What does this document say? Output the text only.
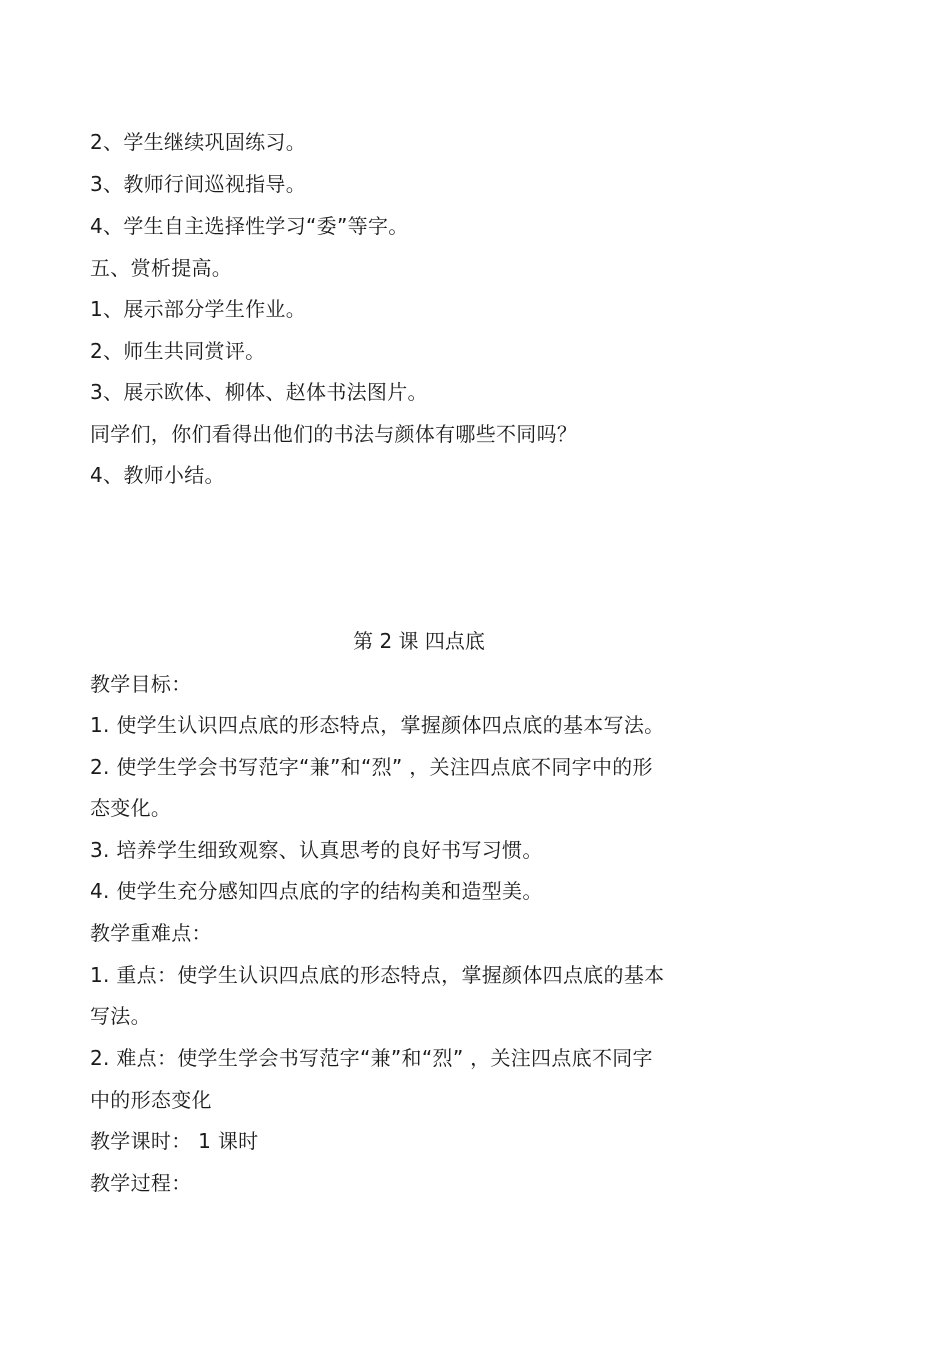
2、学生继续巩固练习。
3、教师行间巡视指导。
4、学生自主选择性学习“委”等字。
五、赏析提高。
1、展示部分学生作业。
2、师生共同赏评。
3、展示欧体、柳体、赵体书法图片。
同学们，你们看得出他们的书法与颜体有哪些不同吗？
4、教师小结。
第 2 课 四点底
教学目标：
1. 使学生认识四点底的形态特点，掌握颜体四点底的基本写法。
2. 使学生学会书写范字“兼”和“烈” ，关注四点底不同字中的形
态变化。
3. 培养学生细致观察、认真思考的良好书写习惯。
4. 使学生充分感知四点底的字的结构美和造型美。
教学重难点：
1. 重点：使学生认识四点底的形态特点，掌握颜体四点底的基本
写法。
2. 难点：使学生学会书写范字“兼”和“烈” ，关注四点底不同字
中的形态变化
教学课时： 1 课时
教学过程：
